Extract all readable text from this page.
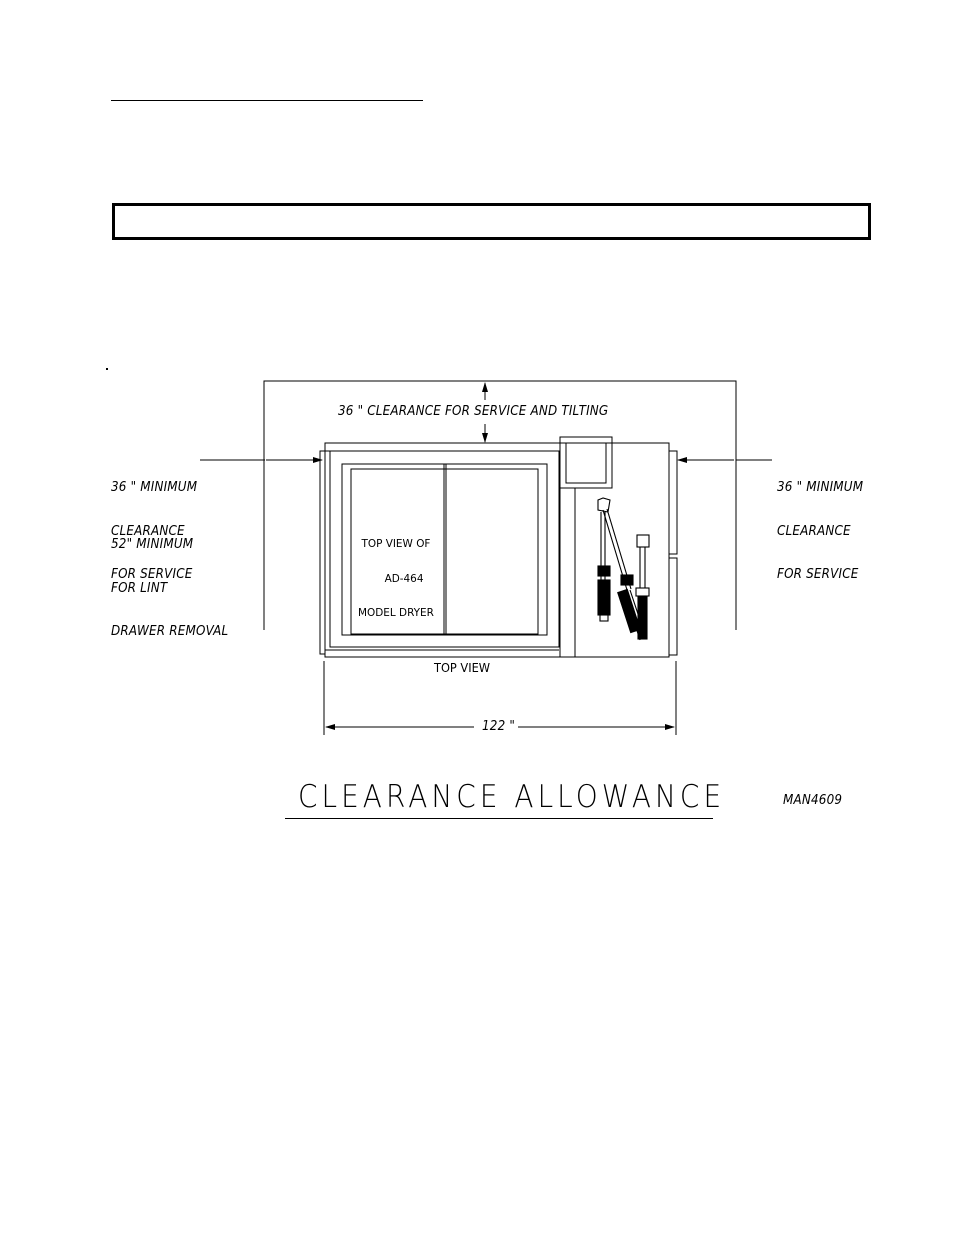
36 " CLEARANCE FOR SERVICE AND TILTING

36 " MINIMUM

CLEARANCE

FOR SERVICE

52" MINIMUM

FOR LINT

DRAWER REMOVAL

36 " MINIMUM

CLEARANCE

FOR SERVICE

TOP VIEW OF

AD-464

MODEL DRYER

TOP VIEW
122 "
CLEARANCE ALLOWANCE	MAN4609
